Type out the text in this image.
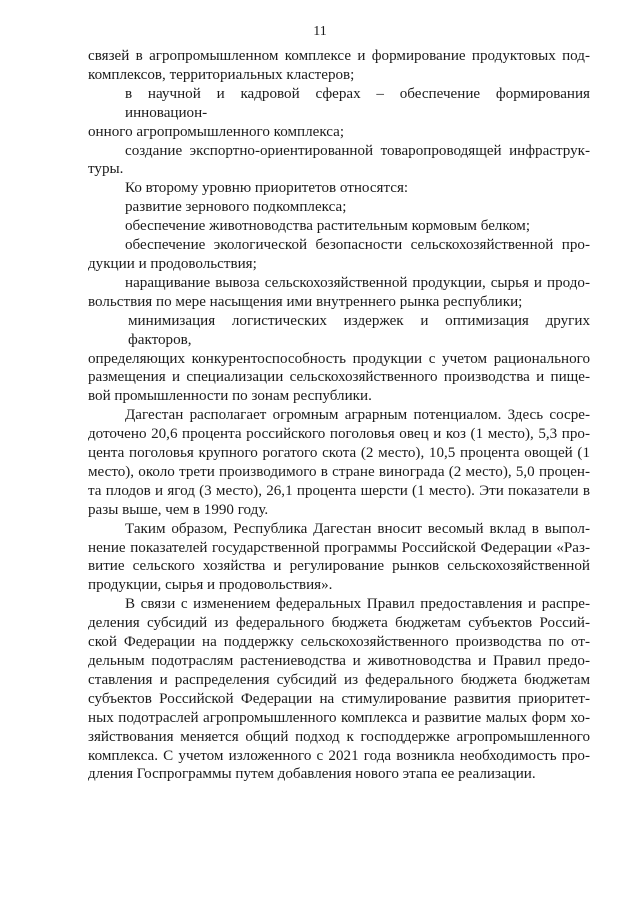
11
связей в агропромышленном комплексе и формирование продуктовых под-
комплексов, территориальных кластеров;
в научной и кадровой сферах – обеспечение формирования инновацион-
онного агропромышленного комплекса;
создание экспортно-ориентированной товаропроводящей инфраструк-
туры.
Ко второму уровню приоритетов относятся:
развитие зернового подкомплекса;
обеспечение животноводства растительным кормовым белком;
обеспечение экологической безопасности сельскохозяйственной про-
дукции и продовольствия;
наращивание вывоза сельскохозяйственной продукции, сырья и продо-
вольствия по мере насыщения ими внутреннего рынка республики;
минимизация логистических издержек и оптимизация других факторов,
определяющих конкурентоспособность продукции с учетом рационального
размещения и специализации сельскохозяйственного производства и пище-
вой промышленности по зонам республики.
Дагестан располагает огромным аграрным потенциалом. Здесь сосре-
доточено 20,6 процента российского поголовья овец и коз (1 место), 5,3 про-
цента поголовья крупного рогатого скота (2 место), 10,5 процента овощей (1
место), около трети производимого в стране винограда (2 место), 5,0 процен-
та плодов и ягод (3 место), 26,1 процента шерсти (1 место). Эти показатели в
разы выше, чем в 1990 году.
Таким образом, Республика Дагестан вносит весомый вклад в выпол-
нение показателей государственной программы Российской Федерации «Раз-
витие сельского хозяйства и регулирование рынков сельскохозяйственной
продукции, сырья и продовольствия».
В связи с изменением федеральных Правил предоставления и распре-
деления субсидий из федерального бюджета бюджетам субъектов Россий-
ской Федерации на поддержку сельскохозяйственного производства по от-
дельным подотраслям растениеводства и животноводства и Правил предо-
ставления и распределения субсидий из федерального бюджета бюджетам
субъектов Российской Федерации на стимулирование развития приоритет-
ных подотраслей агропромышленного комплекса и развитие малых форм хо-
зяйствования меняется общий подход к господдержке агропромышленного
комплекса. С учетом изложенного с 2021 года возникла необходимость про-
дления Госпрограммы путем добавления нового этапа ее реализации.
